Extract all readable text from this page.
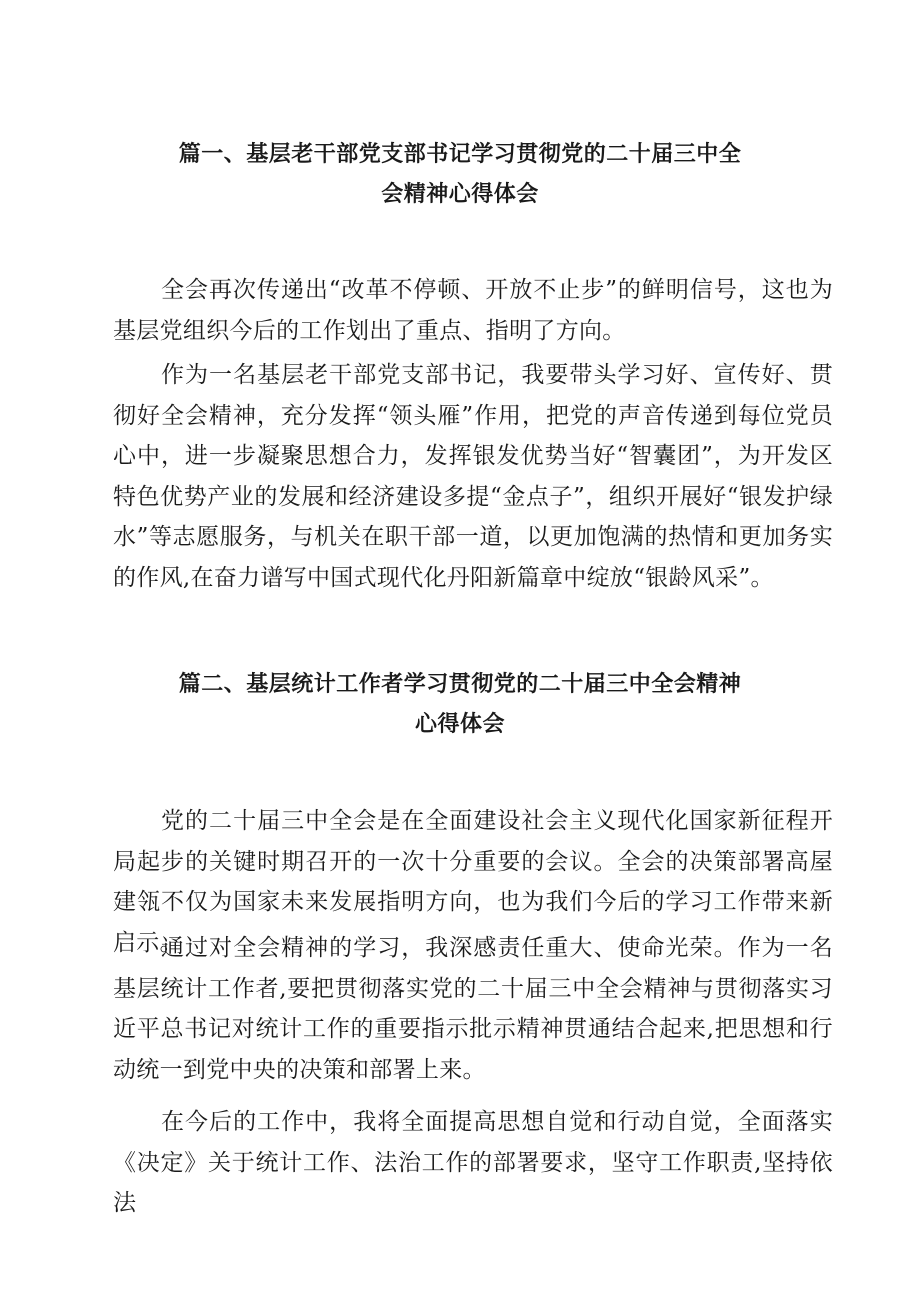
篇一、基层老干部党支部书记学习贯彻党的二十届三中全
会精神心得体会

全会再次传递出“改革不停顿、开放不止步”的鲜明信号，这也为基层党组织今后的工作划出了重点、指明了方向。

作为一名基层老干部党支部书记，我要带头学习好、宣传好、贯彻好全会精神，充分发挥“领头雁”作用，把党的声音传递到每位党员心中，进一步凝聚思想合力，发挥银发优势当好“智囊团”，为开发区特色优势产业的发展和经济建设多提“金点子”，组织开展好“银发护绿水”等志愿服务，与机关在职干部一道，以更加饱满的热情和更加务实的作风,在奋力谱写中国式现代化丹阳新篇章中绽放“银龄风采”。

篇二、基层统计工作者学习贯彻党的二十届三中全会精神
心得体会

党的二十届三中全会是在全面建设社会主义现代化国家新征程开局起步的关键时期召开的一次十分重要的会议。全会的决策部署高屋建瓴不仅为国家未来发展指明方向，也为我们今后的学习工作带来新启示。

通过对全会精神的学习，我深感责任重大、使命光荣。作为一名基层统计工作者,要把贯彻落实党的二十届三中全会精神与贯彻落实习近平总书记对统计工作的重要指示批示精神贯通结合起来,把思想和行动统一到党中央的决策和部署上来。

在今后的工作中，我将全面提高思想自觉和行动自觉，全面落实《决定》关于统计工作、法治工作的部署要求，坚守工作职责,坚持依法
